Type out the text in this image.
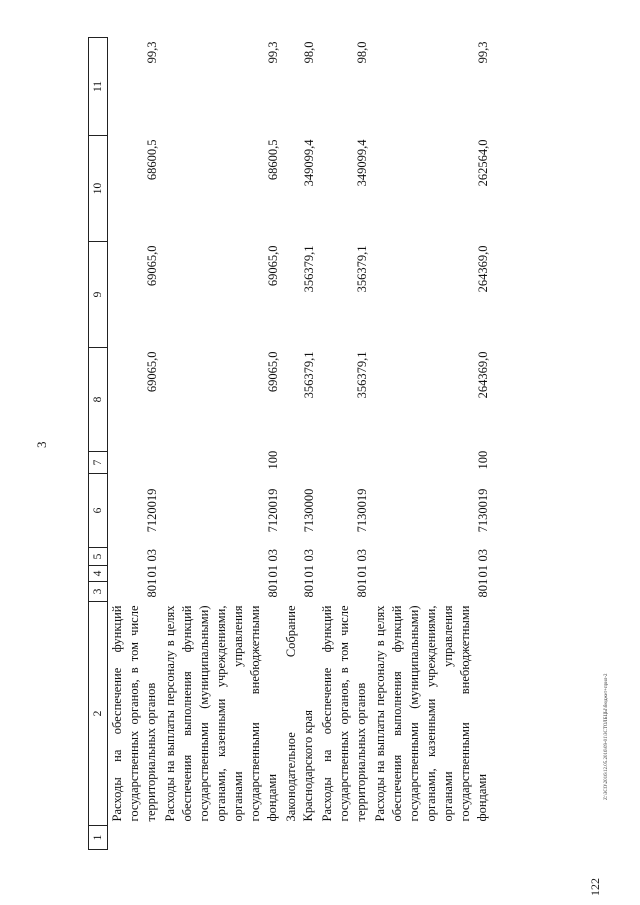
3
1	2	3	4	5	6	7	8	9	10	11
	Расходы на обеспечение функций государственных органов, в том числе территориальных органов	801	01	03	7120019		69065,0	69065,0	68600,5	99,3
	Расходы на выплаты персоналу в целях обеспечения выполнения функций государственными (муниципальными) органами, казенными учреждениями, органами управления государственными внебюджетными фондами	801	01	03	7120019	100	69065,0	69065,0	68600,5	99,3
	Законодательное Собрание Краснодарского края	801	01	03	7130000		356379,1	356379,1	349099,4	98,0
	Расходы на обеспечение функций государственных органов, в том числе территориальных органов	801	01	03	7130019		356379,1	356379,1	349099,4	98,0
	Расходы на выплаты персоналу в целях обеспечения выполнения функций государственными (муниципальными) органами, казенными учреждениями, органами управления государственными внебюджетными фондами	801	01	03	7130019	100	264369,0	264369,0	262564,0	99,3
Z:\3CO\2016\12.05.2016\09-01\3СТОЛБЦЫ\бюджет+прил-2
122
